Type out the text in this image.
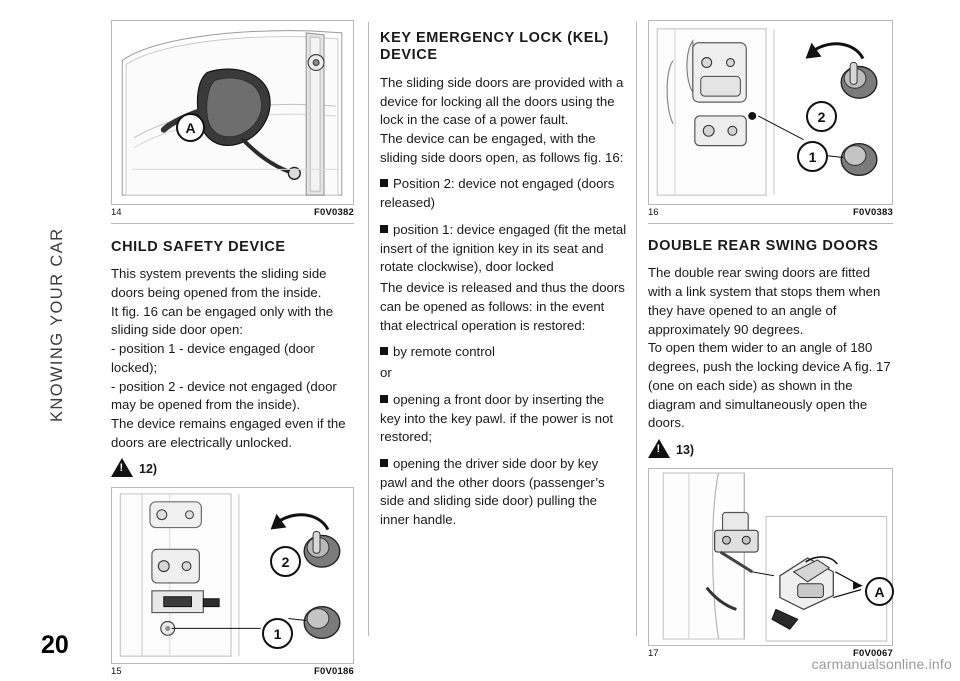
KNOWING YOUR CAR
20
A
14	F0V0382
CHILD SAFETY DEVICE

This system prevents the sliding side doors being opened from the inside.

It fig. 16 can be engaged only with the sliding side door open:

- position 1 - device engaged (door locked);

- position 2 - device not engaged (door may be opened from the inside).

The device remains engaged even if the doors are electrically unlocked.

!
12)
2
1
15	F0V0186
KEY EMERGENCY LOCK (KEL) DEVICE

The sliding side doors are provided with a device for locking all the doors using the lock in the case of a power fault.

The device can be engaged, with the sliding side doors open, as follows fig. 16:

Position 2: device not engaged (doors released)
position 1: device engaged (fit the metal insert of the ignition key in its seat and rotate clockwise), door locked

The device is released and thus the doors can be opened as follows: in the event that electrical operation is restored:

by remote control

or

opening a front door by inserting the key into the key pawl. if the power is not restored;
opening the driver side door by key pawl and the other doors (passenger’s side and sliding side door) pulling the inner handle.
2
1
16	F0V0383
DOUBLE REAR SWING DOORS

The double rear swing doors are fitted with a link system that stops them when they have opened to an angle of approximately 90 degrees.

To open them wider to an angle of 180 degrees, push the locking device A fig. 17 (one on each side) as shown in the diagram and simultaneously open the doors.

!
13)
A
17	F0V0067
carmanualsonline.info
